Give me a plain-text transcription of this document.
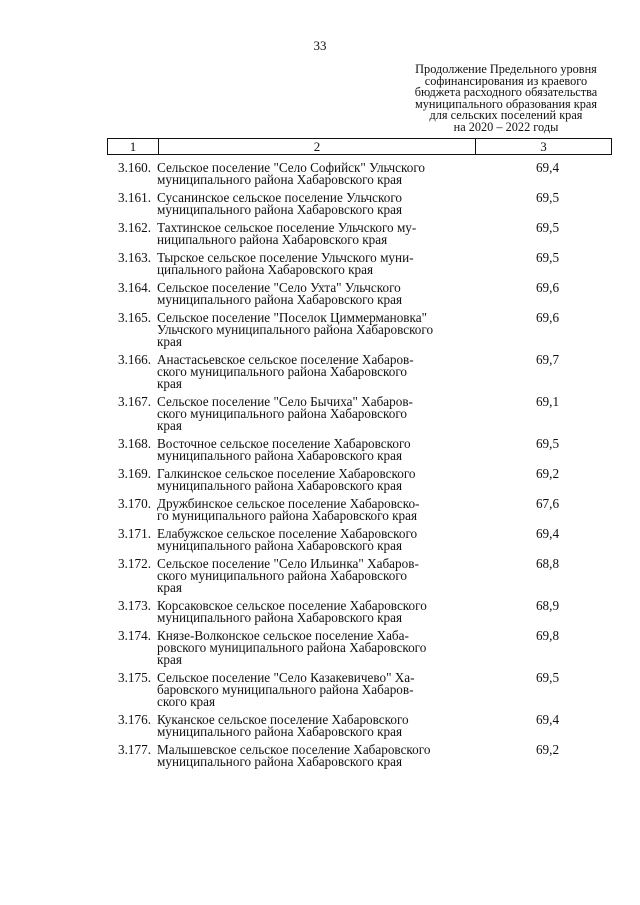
33
Продолжение Предельного уровня
софинансирования из краевого
бюджета расходного обязательства
муниципального образования края
для сельских поселений края
на 2020 – 2022 годы
1	2	3
3.160. Сельское поселение "Село Софийск" Ульчского
муниципального района Хабаровского края
69,4
3.161. Сусанинское сельское поселение Ульчского
муниципального района Хабаровского края
69,5
3.162. Тахтинское сельское поселение Ульчского му-
ниципального района Хабаровского края
69,5
3.163. Тырское сельское поселение Ульчского муни-
ципального района Хабаровского края
69,5
3.164. Сельское поселение "Село Ухта" Ульчского
муниципального района Хабаровского края
69,6
3.165. Сельское поселение "Поселок Циммермановка"
Ульчского муниципального района Хабаровского
края
69,6
3.166. Анастасьевское сельское поселение Хабаров-
ского муниципального района Хабаровского
края
69,7
3.167. Сельское поселение "Село Бычиха" Хабаров-
ского муниципального района Хабаровского
края
69,1
3.168. Восточное сельское поселение Хабаровского
муниципального района Хабаровского края
69,5
3.169. Галкинское сельское поселение Хабаровского
муниципального района Хабаровского края
69,2
3.170. Дружбинское сельское поселение Хабаровско-
го муниципального района Хабаровского края
67,6
3.171. Елабужское сельское поселение Хабаровского
муниципального района Хабаровского края
69,4
3.172. Сельское поселение "Село Ильинка" Хабаров-
ского муниципального района Хабаровского
края
68,8
3.173. Корсаковское сельское поселение Хабаровского
муниципального района Хабаровского края
68,9
3.174. Князе-Волконское сельское поселение Хаба-
ровского муниципального района Хабаровского
края
69,8
3.175. Сельское поселение "Село Казакевичево" Ха-
баровского муниципального района Хабаров-
ского края
69,5
3.176. Куканское сельское поселение Хабаровского
муниципального района Хабаровского края
69,4
3.177. Малышевское сельское поселение Хабаровского
муниципального района Хабаровского края
69,2
